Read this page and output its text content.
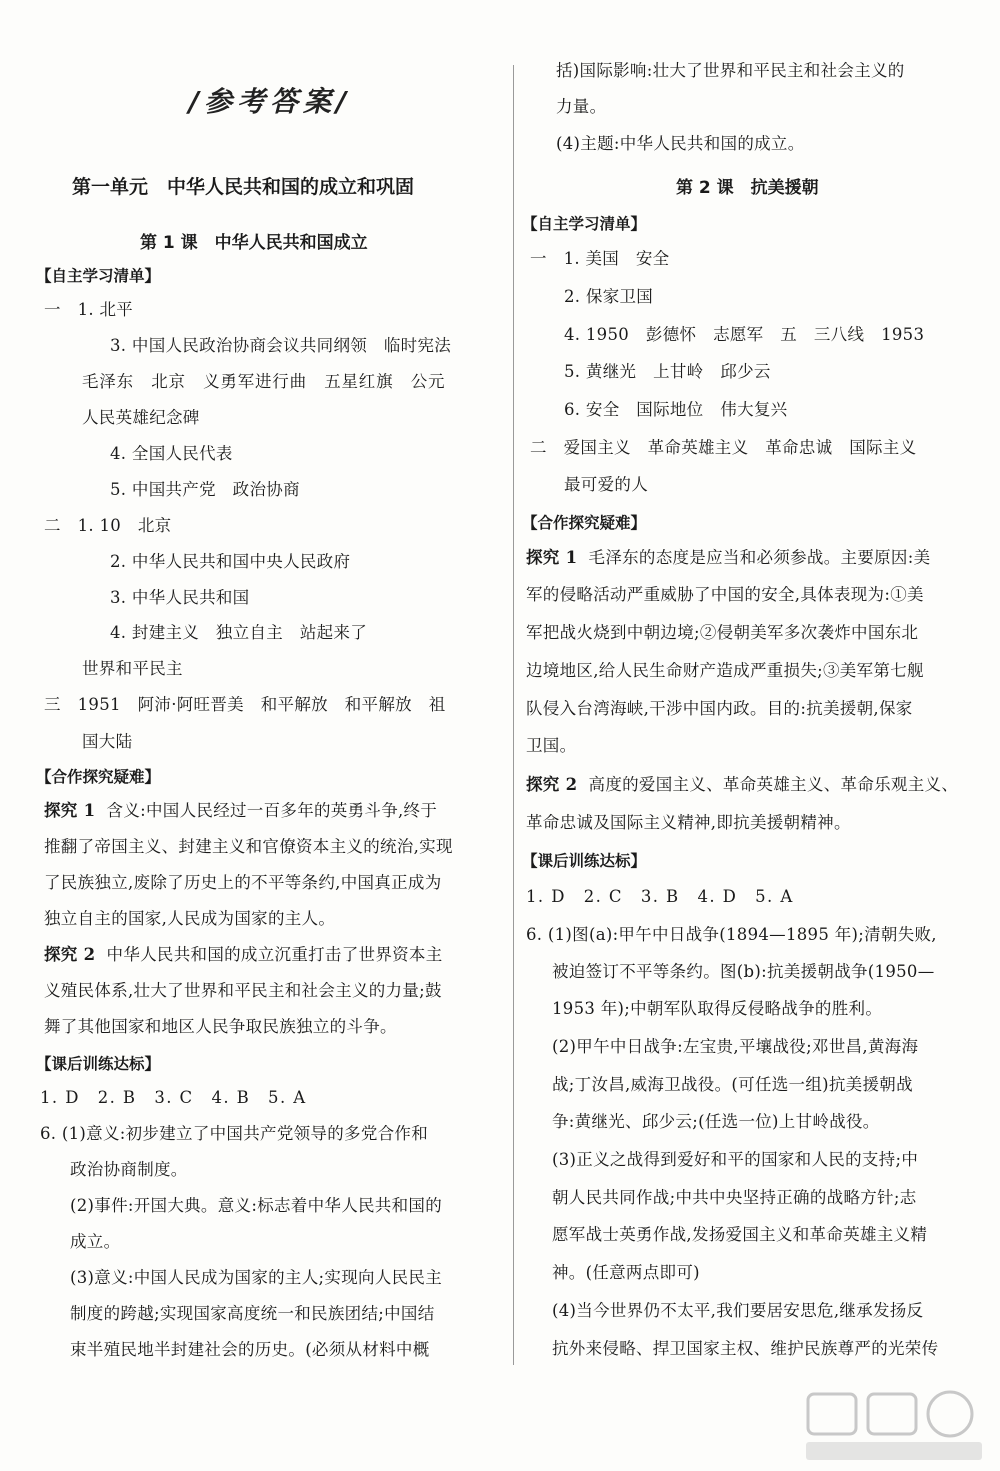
/参考答案/
第一单元　中华人民共和国的成立和巩固
第 1 课　中华人民共和国成立
【自主学习清单】
一　1. 北平
3. 中国人民政治协商会议共同纲领　临时宪法
毛泽东　北京　义勇军进行曲　五星红旗　公元
人民英雄纪念碑
4. 全国人民代表
5. 中国共产党　政治协商
二　1. 10　北京
2. 中华人民共和国中央人民政府
3. 中华人民共和国
4. 封建主义　独立自主　站起来了
世界和平民主
三　1951　阿沛·阿旺晋美　和平解放　和平解放　祖
国大陆
【合作探究疑难】
探究 1 含义:中国人民经过一百多年的英勇斗争,终于
推翻了帝国主义、封建主义和官僚资本主义的统治,实现
了民族独立,废除了历史上的不平等条约,中国真正成为
独立自主的国家,人民成为国家的主人。
探究 2 中华人民共和国的成立沉重打击了世界资本主
义殖民体系,壮大了世界和平民主和社会主义的力量;鼓
舞了其他国家和地区人民争取民族独立的斗争。
【课后训练达标】
1. D　2. B　3. C　4. B　5. A
6. (1)意义:初步建立了中国共产党领导的多党合作和
政治协商制度。
(2)事件:开国大典。意义:标志着中华人民共和国的
成立。
(3)意义:中国人民成为国家的主人;实现向人民民主
制度的跨越;实现国家高度统一和民族团结;中国结
束半殖民地半封建社会的历史。(必须从材料中概
括)国际影响:壮大了世界和平民主和社会主义的
力量。
(4)主题:中华人民共和国的成立。
第 2 课　抗美援朝
【自主学习清单】
一　1. 美国　安全
2. 保家卫国
4. 1950　彭德怀　志愿军　五　三八线　1953
5. 黄继光　上甘岭　邱少云
6. 安全　国际地位　伟大复兴
二　爱国主义　革命英雄主义　革命忠诚　国际主义
最可爱的人
【合作探究疑难】
探究 1 毛泽东的态度是应当和必须参战。主要原因:美
军的侵略活动严重威胁了中国的安全,具体表现为:①美
军把战火烧到中朝边境;②侵朝美军多次袭炸中国东北
边境地区,给人民生命财产造成严重损失;③美军第七舰
队侵入台湾海峡,干涉中国内政。目的:抗美援朝,保家
卫国。
探究 2 高度的爱国主义、革命英雄主义、革命乐观主义、
革命忠诚及国际主义精神,即抗美援朝精神。
【课后训练达标】
1. D　2. C　3. B　4. D　5. A
6. (1)图(a):甲午中日战争(1894—1895 年);清朝失败,
被迫签订不平等条约。图(b):抗美援朝战争(1950—
1953 年);中朝军队取得反侵略战争的胜利。
(2)甲午中日战争:左宝贵,平壤战役;邓世昌,黄海海
战;丁汝昌,威海卫战役。(可任选一组)抗美援朝战
争:黄继光、邱少云;(任选一位)上甘岭战役。
(3)正义之战得到爱好和平的国家和人民的支持;中
朝人民共同作战;中共中央坚持正确的战略方针;志
愿军战士英勇作战,发扬爱国主义和革命英雄主义精
神。(任意两点即可)
(4)当今世界仍不太平,我们要居安思危,继承发扬反
抗外来侵略、捍卫国家主权、维护民族尊严的光荣传
